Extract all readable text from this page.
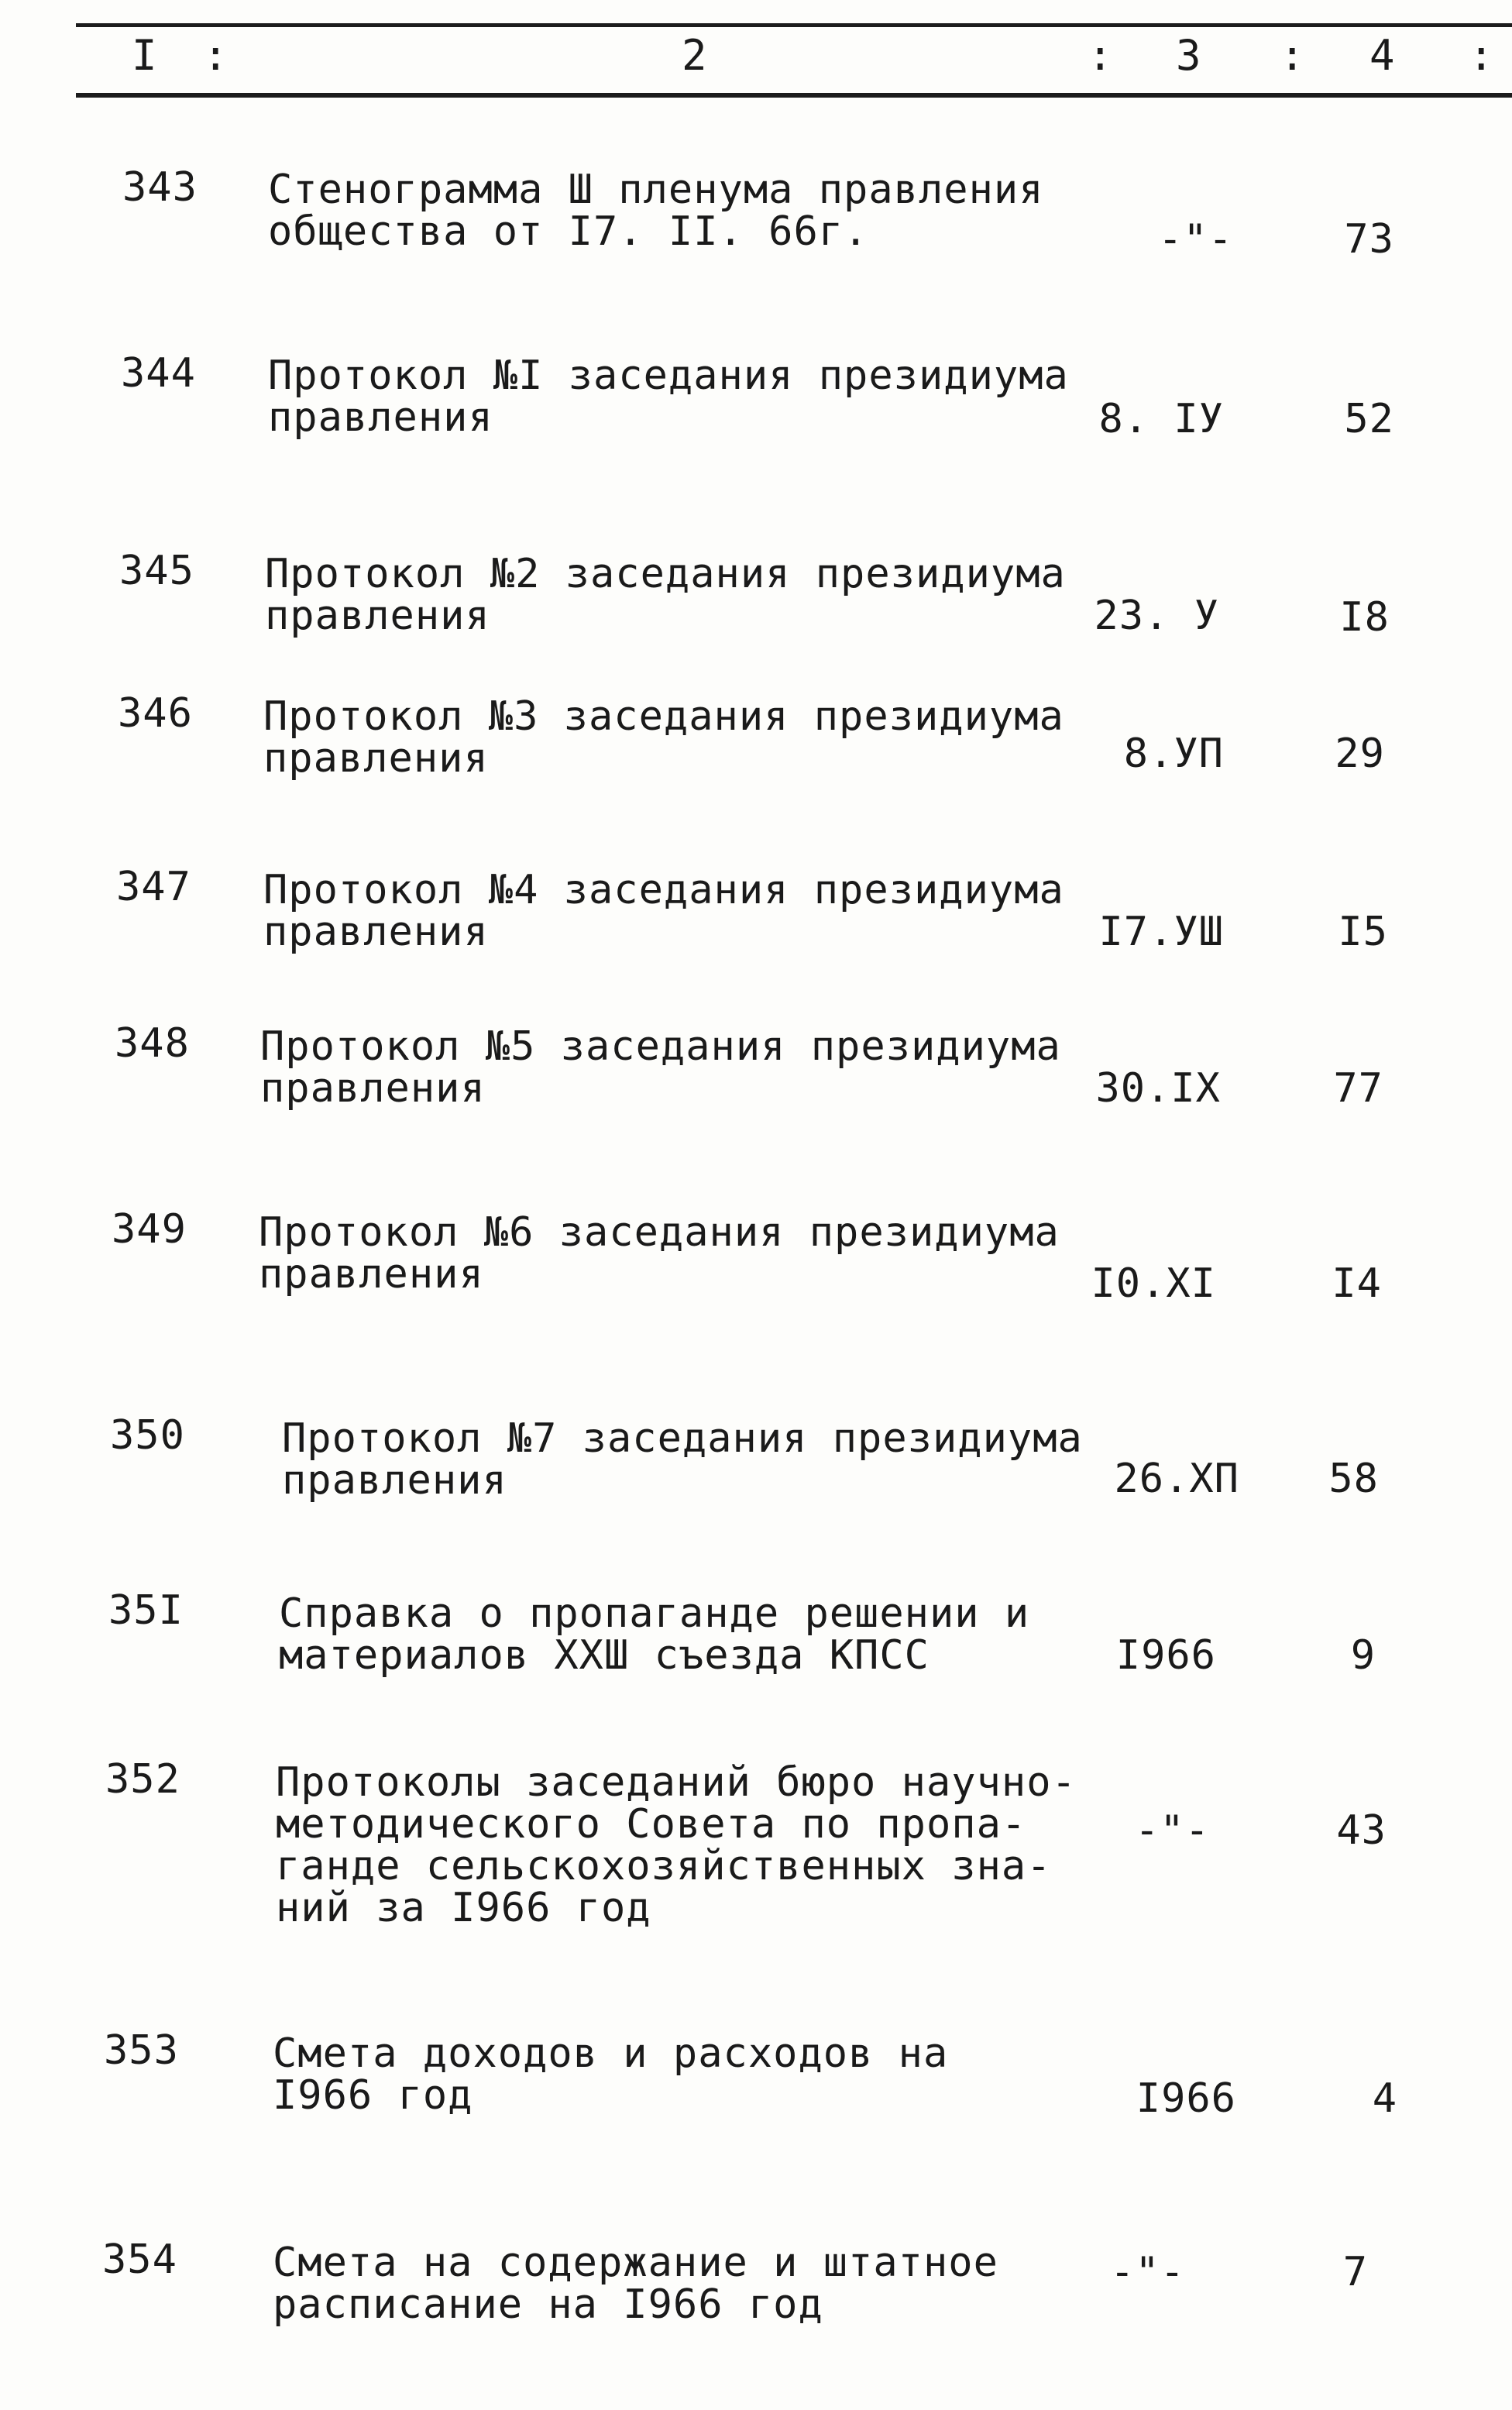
I :	2	: 3 : 4 :
343	Стенограмма Ш пленума правления
общества от I7. II. 66г.	-"-	73
344	Протокол №I заседания президиума
правления	8. IУ	52
345	Протокол №2 заседания президиума
правления	23. У	I8
346	Протокол №3 заседания президиума
правления	8.УП	29
347	Протокол №4 заседания президиума
правления	I7.УШ	I5
348	Протокол №5 заседания президиума
правления	30.IX	77
349	Протокол №6 заседания президиума
правления	I0.XI	I4
350	Протокол №7 заседания президиума
правления	26.XП	58
35I	Справка о пропаганде решении и
материалов XXШ съезда КПСС	I966	9
352	Протоколы заседаний бюро научно-
методического Совета по пропа-
ганде сельскохозяйственных зна-
ний за I966 год
-"-	43
353	Смета доходов и расходов на
I966 год	I966	4
354	Смета на содержание и штатное
расписание на I966 год
-"-	7
